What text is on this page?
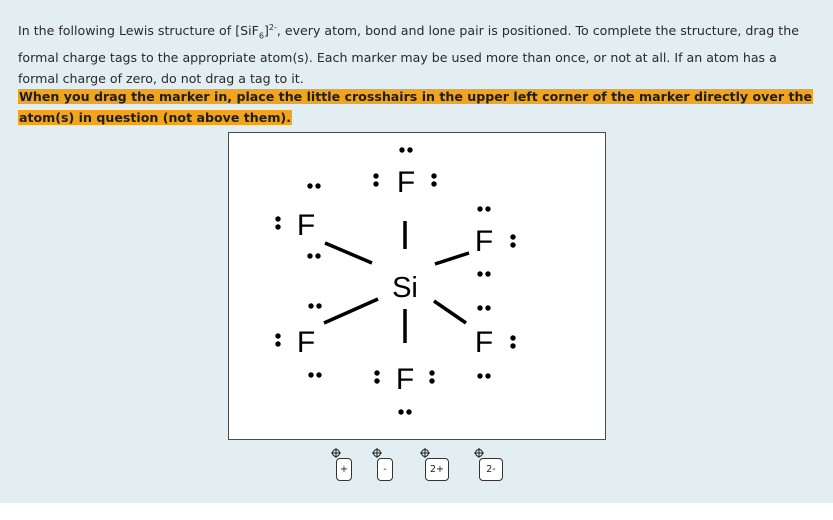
In the following Lewis structure of $[SiF_6]^{2-}$, every atom, bond and lone pair is positioned. To complete the structure, drag the formal charge tags to the appropriate atom(s). Each marker may be used more than once, or not at all. If an atom has a formal charge of zero, do not drag a tag to it.
When you drag the marker in, place the little crosshairs in the upper left corner of the marker directly over the atom(s) in question (not above them).
Si
F
F
F
F
F
F
+	-	2+	2-
